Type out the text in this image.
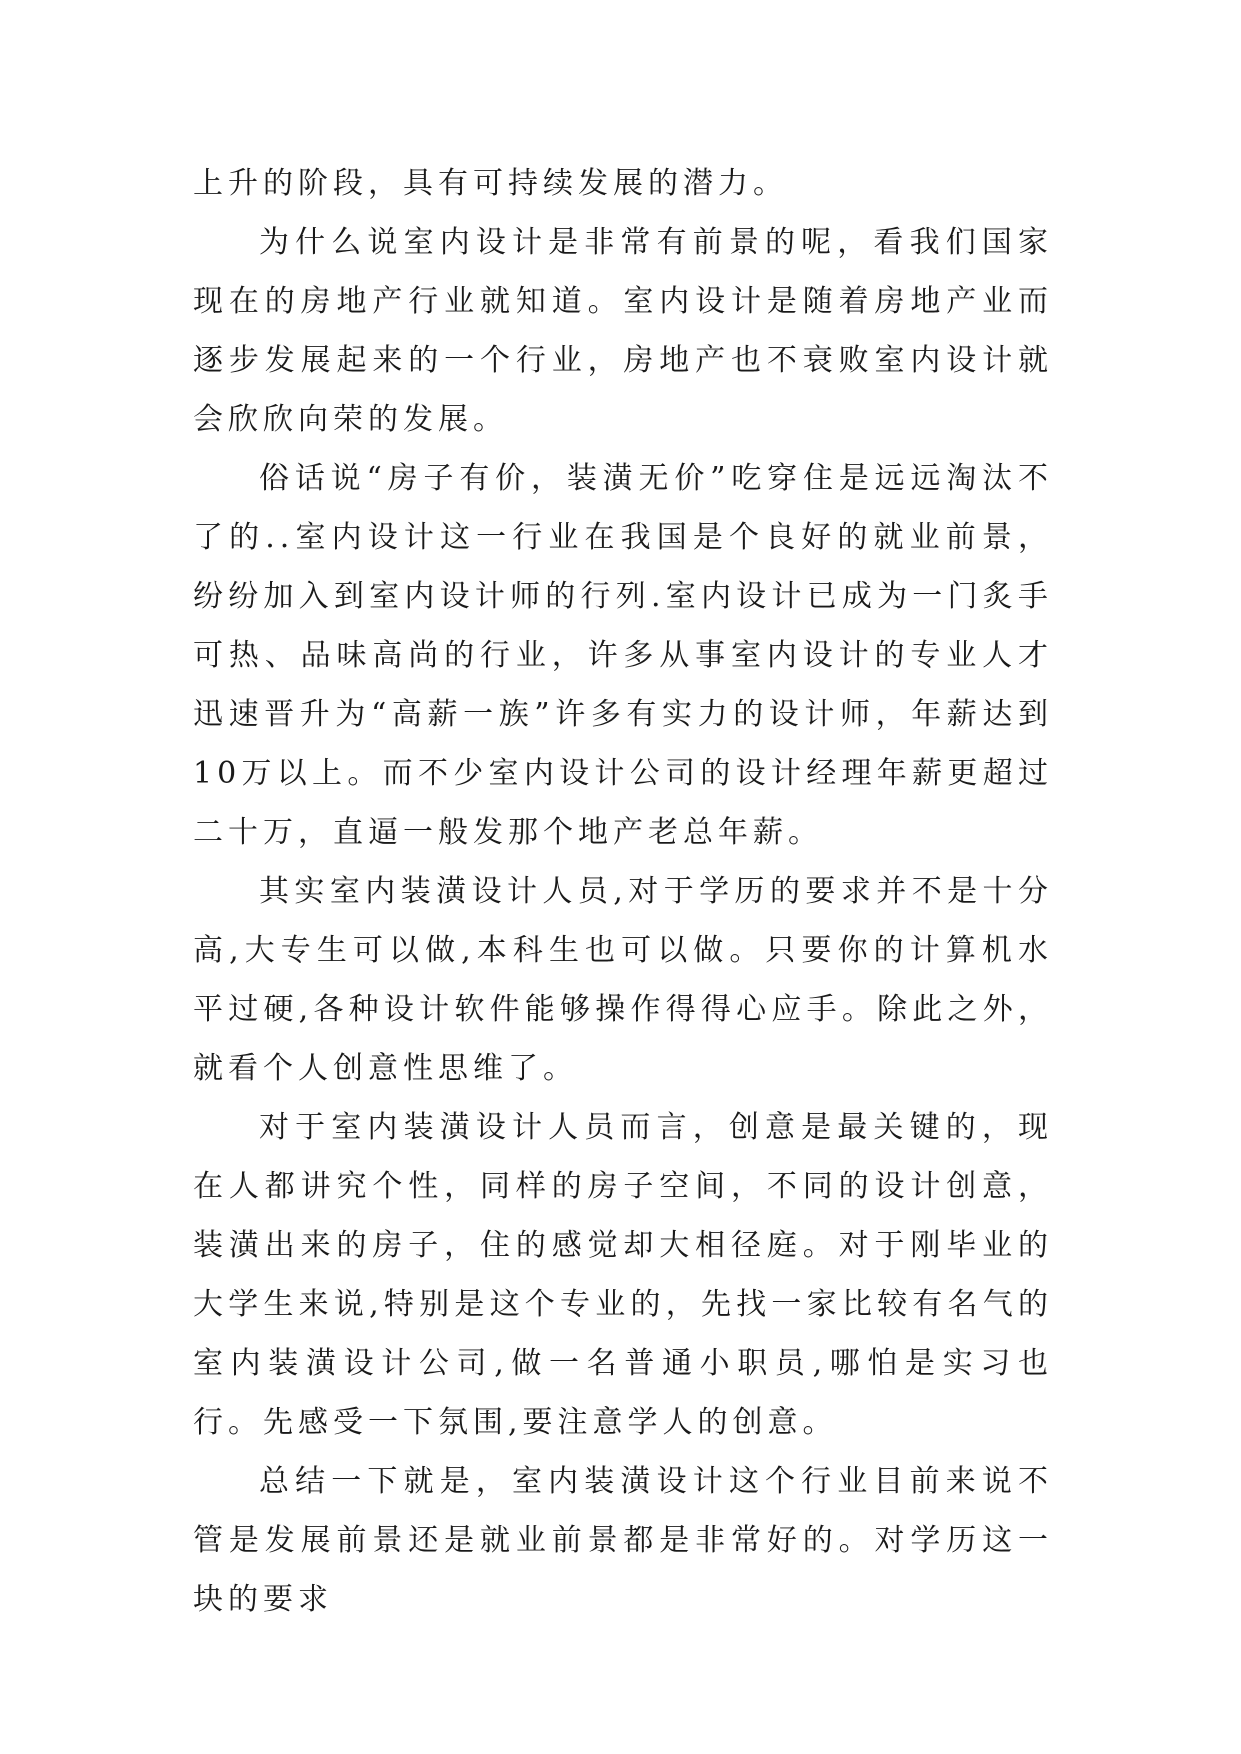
上升的阶段，具有可持续发展的潜力。

为什么说室内设计是非常有前景的呢，看我们国家现在的房地产行业就知道。室内设计是随着房地产业而逐步发展起来的一个行业，房地产也不衰败室内设计就会欣欣向荣的发展。

俗话说“房子有价，装潢无价”吃穿住是远远淘汰不了的..室内设计这一行业在我国是个良好的就业前景，纷纷加入到室内设计师的行列.室内设计已成为一门炙手可热、品味高尚的行业，许多从事室内设计的专业人才迅速晋升为“高薪一族”许多有实力的设计师，年薪达到10万以上。而不少室内设计公司的设计经理年薪更超过二十万，直逼一般发那个地产老总年薪。

其实室内装潢设计人员,对于学历的要求并不是十分高,大专生可以做,本科生也可以做。只要你的计算机水平过硬,各种设计软件能够操作得得心应手。除此之外，就看个人创意性思维了。

对于室内装潢设计人员而言，创意是最关键的，现在人都讲究个性，同样的房子空间，不同的设计创意，装潢出来的房子，住的感觉却大相径庭。对于刚毕业的大学生来说,特别是这个专业的，先找一家比较有名气的室内装潢设计公司,做一名普通小职员,哪怕是实习也行。先感受一下氛围,要注意学人的创意。

总结一下就是，室内装潢设计这个行业目前来说不管是发展前景还是就业前景都是非常好的。对学历这一块的要求
